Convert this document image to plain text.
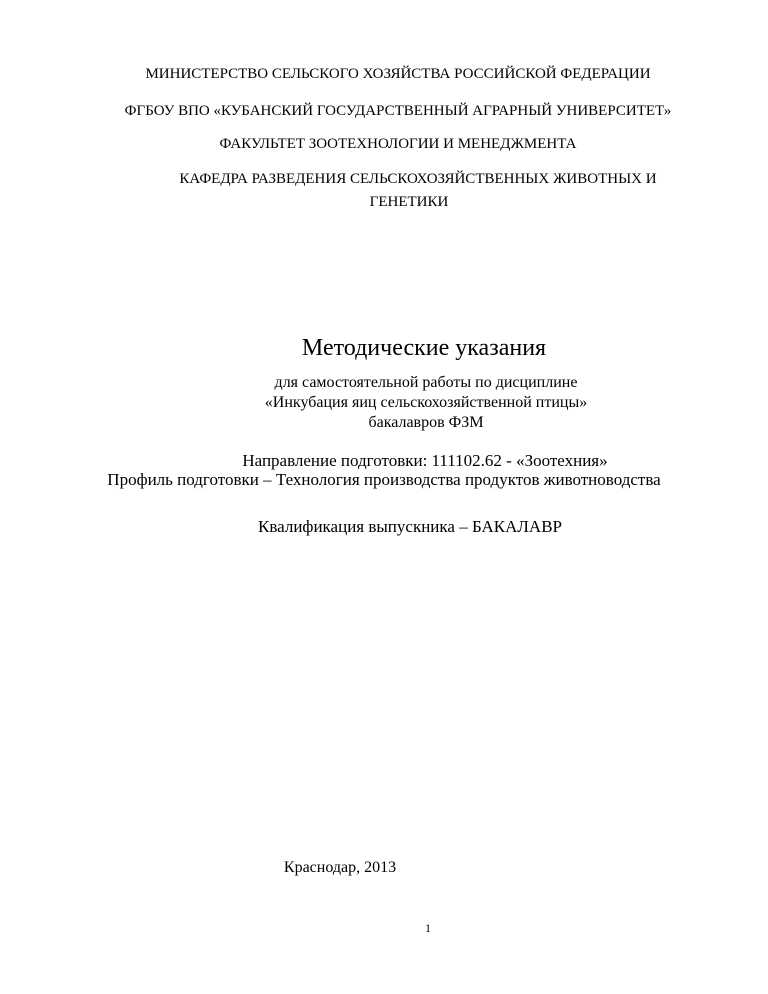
МИНИСТЕРСТВО СЕЛЬСКОГО ХОЗЯЙСТВА РОССИЙСКОЙ ФЕДЕРАЦИИ
ФГБОУ ВПО «КУБАНСКИЙ ГОСУДАРСТВЕННЫЙ АГРАРНЫЙ УНИВЕРСИТЕТ»
ФАКУЛЬТЕТ ЗООТЕХНОЛОГИИ И МЕНЕДЖМЕНТА
КАФЕДРА РАЗВЕДЕНИЯ СЕЛЬСКОХОЗЯЙСТВЕННЫХ ЖИВОТНЫХ И
ГЕНЕТИКИ
Методические указания
для самостоятельной работы по дисциплине
«Инкубация яиц сельскохозяйственной птицы»
бакалавров ФЗМ
Направление подготовки: 111102.62 - «Зоотехния»
Профиль подготовки – Технология производства продуктов животноводства
Квалификация выпускника – БАКАЛАВР
Краснодар, 2013
1
